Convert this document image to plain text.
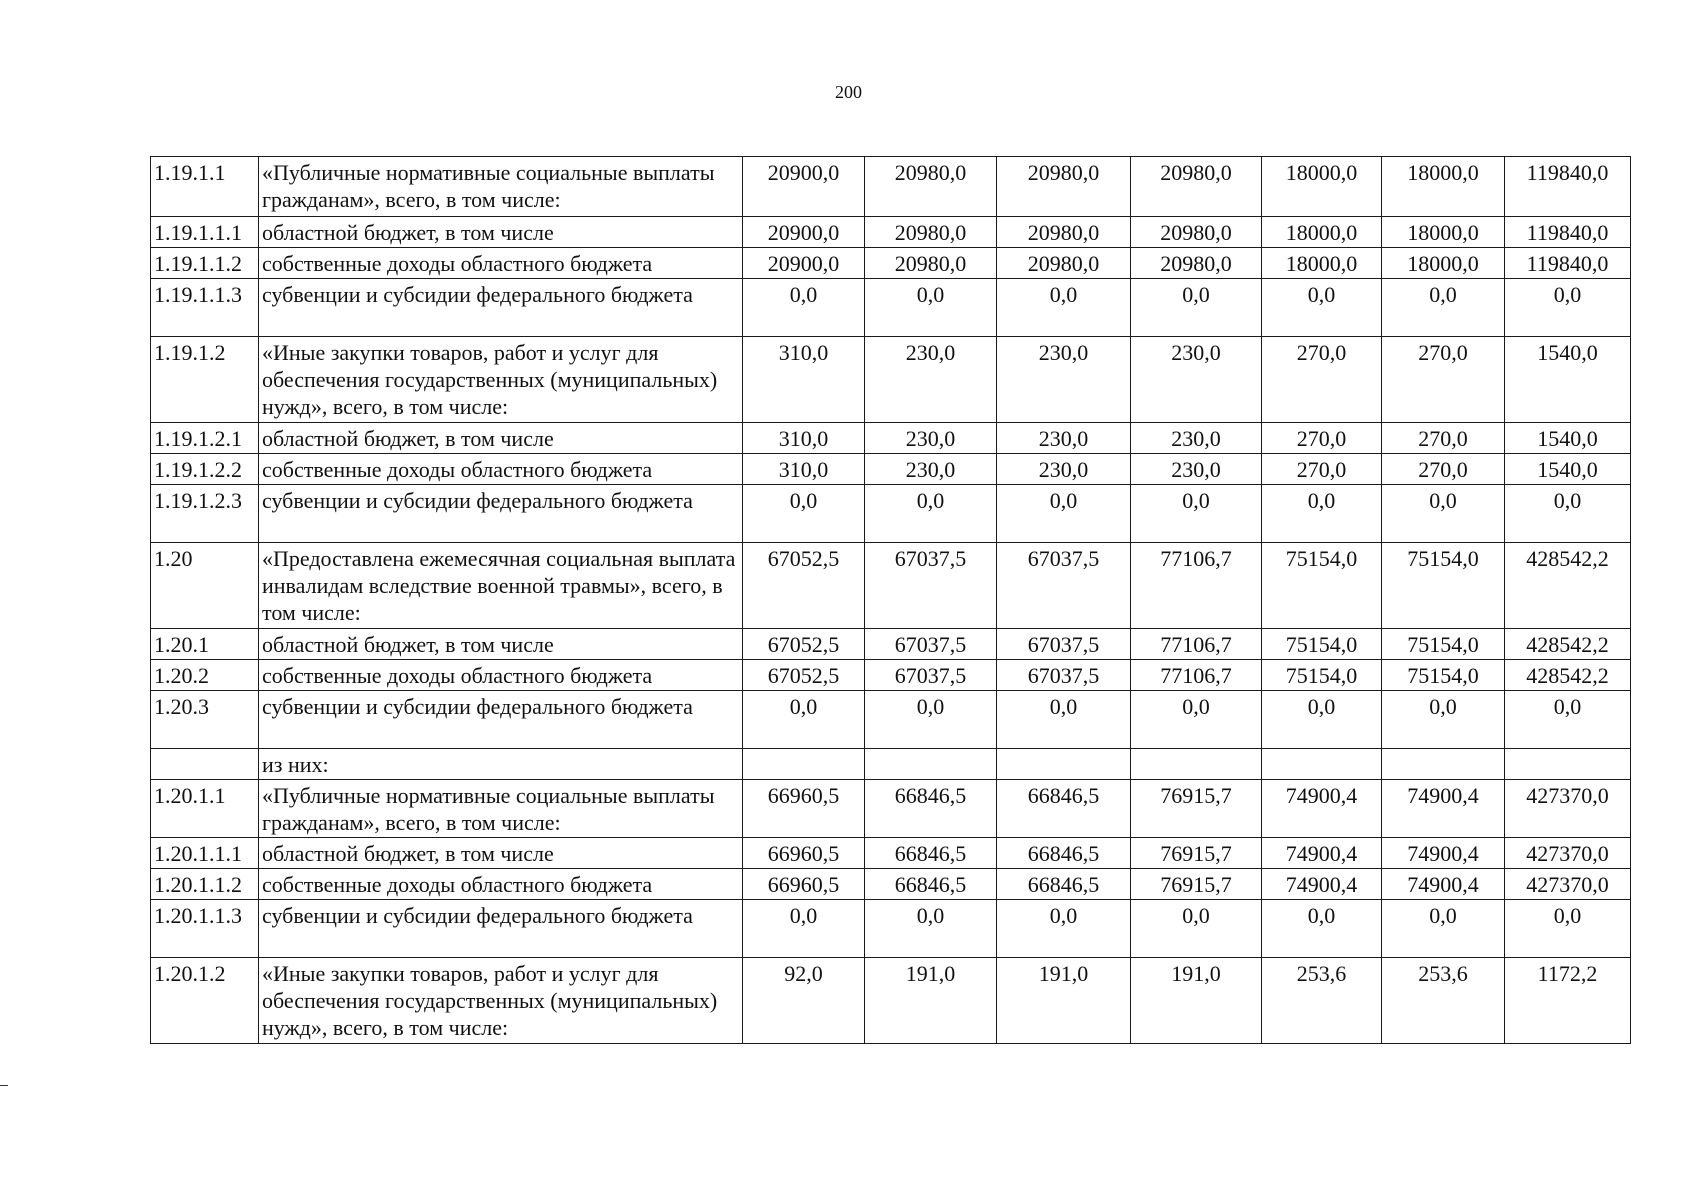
200
1.19.1.1	«Публичные нормативные социальные выплаты гражданам», всего, в том числе:	20900,0	20980,0	20980,0	20980,0	18000,0	18000,0	119840,0
1.19.1.1.1	областной бюджет, в том числе	20900,0	20980,0	20980,0	20980,0	18000,0	18000,0	119840,0
1.19.1.1.2	собственные доходы областного бюджета	20900,0	20980,0	20980,0	20980,0	18000,0	18000,0	119840,0
1.19.1.1.3	субвенции и субсидии федерального бюджета	0,0	0,0	0,0	0,0	0,0	0,0	0,0
1.19.1.2	«Иные закупки товаров, работ и услуг для обеспечения государственных (муниципальных) нужд», всего, в том числе:	310,0	230,0	230,0	230,0	270,0	270,0	1540,0
1.19.1.2.1	областной бюджет, в том числе	310,0	230,0	230,0	230,0	270,0	270,0	1540,0
1.19.1.2.2	собственные доходы областного бюджета	310,0	230,0	230,0	230,0	270,0	270,0	1540,0
1.19.1.2.3	субвенции и субсидии федерального бюджета	0,0	0,0	0,0	0,0	0,0	0,0	0,0
1.20	«Предоставлена ежемесячная социальная выплата инвалидам вследствие военной травмы», всего, в том числе:	67052,5	67037,5	67037,5	77106,7	75154,0	75154,0	428542,2
1.20.1	областной бюджет, в том числе	67052,5	67037,5	67037,5	77106,7	75154,0	75154,0	428542,2
1.20.2	собственные доходы областного бюджета	67052,5	67037,5	67037,5	77106,7	75154,0	75154,0	428542,2
1.20.3	субвенции и субсидии федерального бюджета	0,0	0,0	0,0	0,0	0,0	0,0	0,0
	из них:							
1.20.1.1	«Публичные нормативные социальные выплаты гражданам», всего, в том числе:	66960,5	66846,5	66846,5	76915,7	74900,4	74900,4	427370,0
1.20.1.1.1	областной бюджет, в том числе	66960,5	66846,5	66846,5	76915,7	74900,4	74900,4	427370,0
1.20.1.1.2	собственные доходы областного бюджета	66960,5	66846,5	66846,5	76915,7	74900,4	74900,4	427370,0
1.20.1.1.3	субвенции и субсидии федерального бюджета	0,0	0,0	0,0	0,0	0,0	0,0	0,0
1.20.1.2	«Иные закупки товаров, работ и услуг для обеспечения государственных (муниципальных) нужд», всего, в том числе:	92,0	191,0	191,0	191,0	253,6	253,6	1172,2
